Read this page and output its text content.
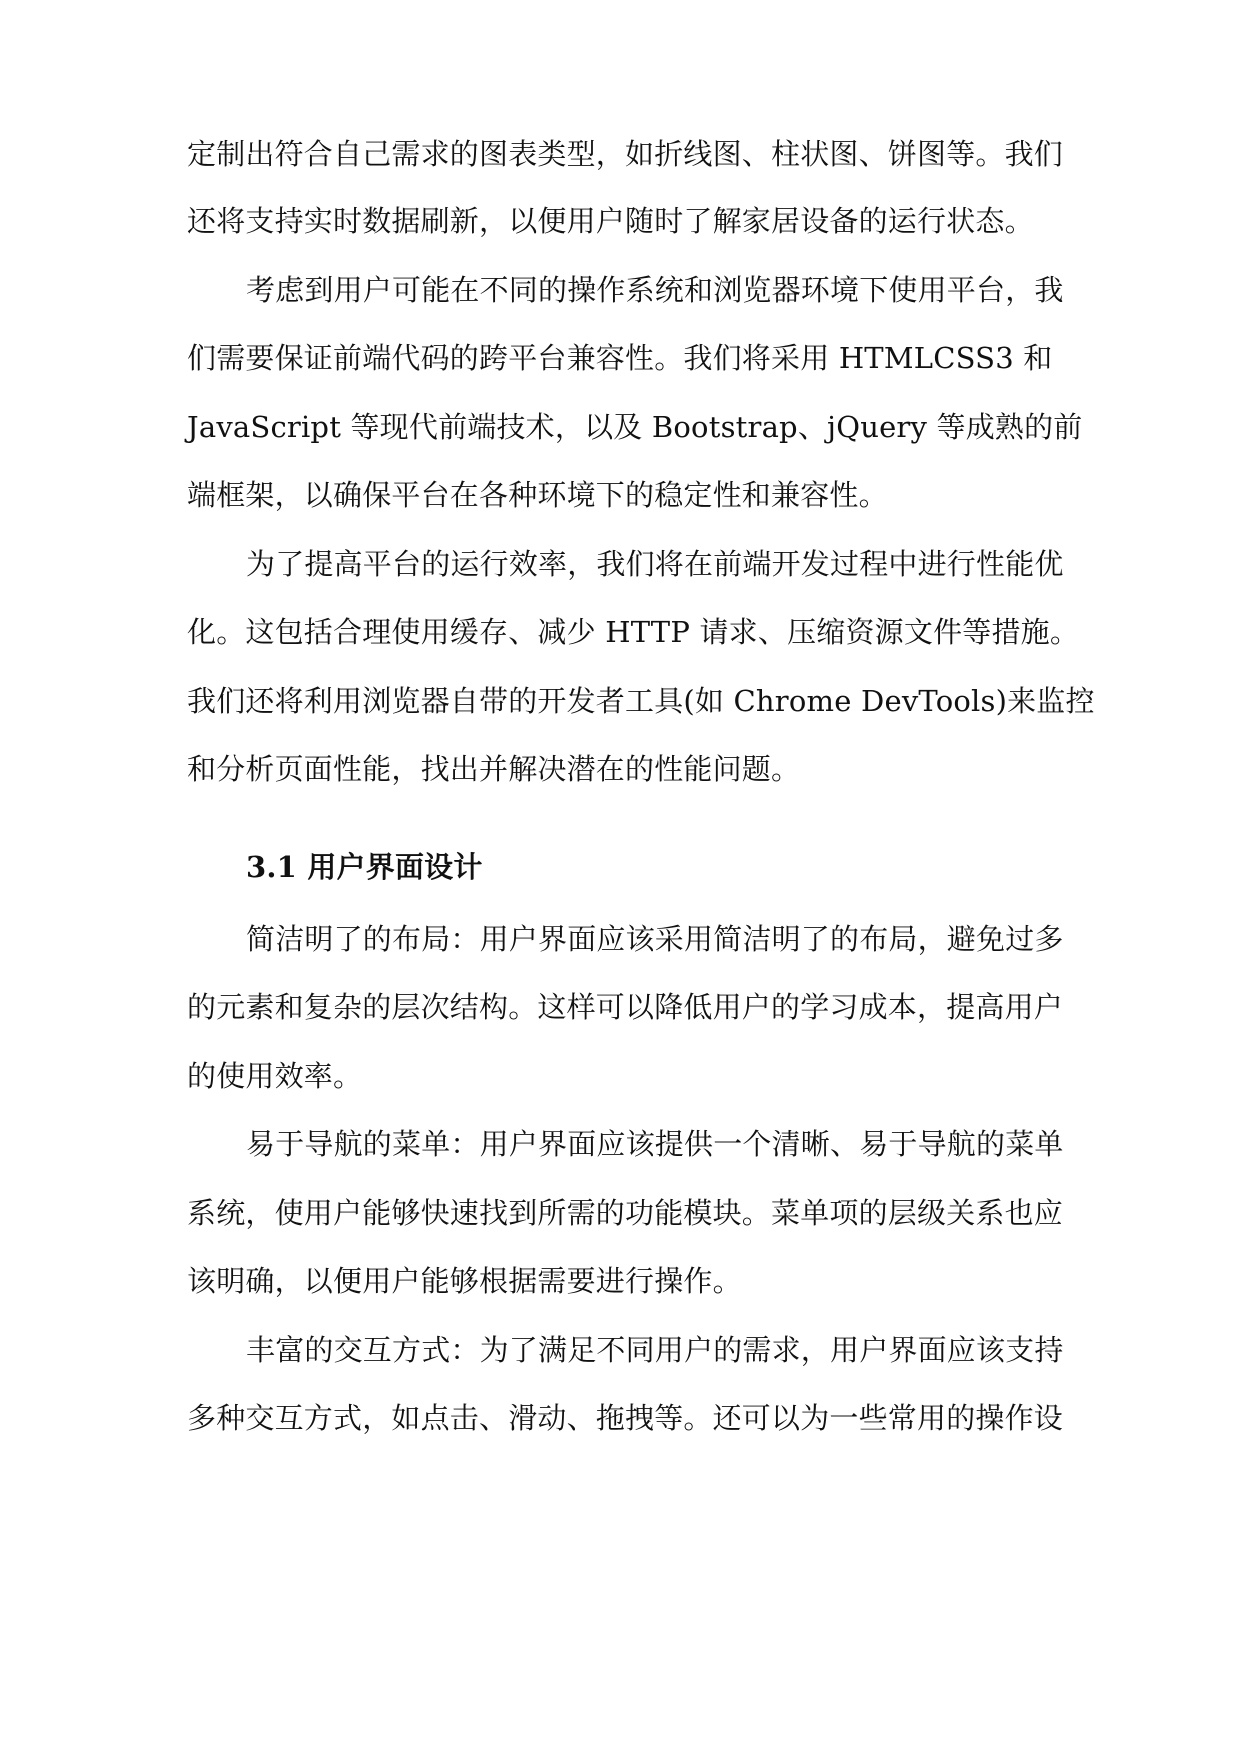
定制出符合自己需求的图表类型，如折线图、柱状图、饼图等。我们
还将支持实时数据刷新，以便用户随时了解家居设备的运行状态。
考虑到用户可能在不同的操作系统和浏览器环境下使用平台，我
们需要保证前端代码的跨平台兼容性。我们将采用 HTMLCSS3 和
JavaScript 等现代前端技术，以及 Bootstrap、jQuery 等成熟的前
端框架，以确保平台在各种环境下的稳定性和兼容性。
为了提高平台的运行效率，我们将在前端开发过程中进行性能优
化。这包括合理使用缓存、减少 HTTP 请求、压缩资源文件等措施。
我们还将利用浏览器自带的开发者工具(如 Chrome DevTools)来监控
和分析页面性能，找出并解决潜在的性能问题。
3.1 用户界面设计
简洁明了的布局：用户界面应该采用简洁明了的布局，避免过多
的元素和复杂的层次结构。这样可以降低用户的学习成本，提高用户
的使用效率。
易于导航的菜单：用户界面应该提供一个清晰、易于导航的菜单
系统，使用户能够快速找到所需的功能模块。菜单项的层级关系也应
该明确，以便用户能够根据需要进行操作。
丰富的交互方式：为了满足不同用户的需求，用户界面应该支持
多种交互方式，如点击、滑动、拖拽等。还可以为一些常用的操作设
